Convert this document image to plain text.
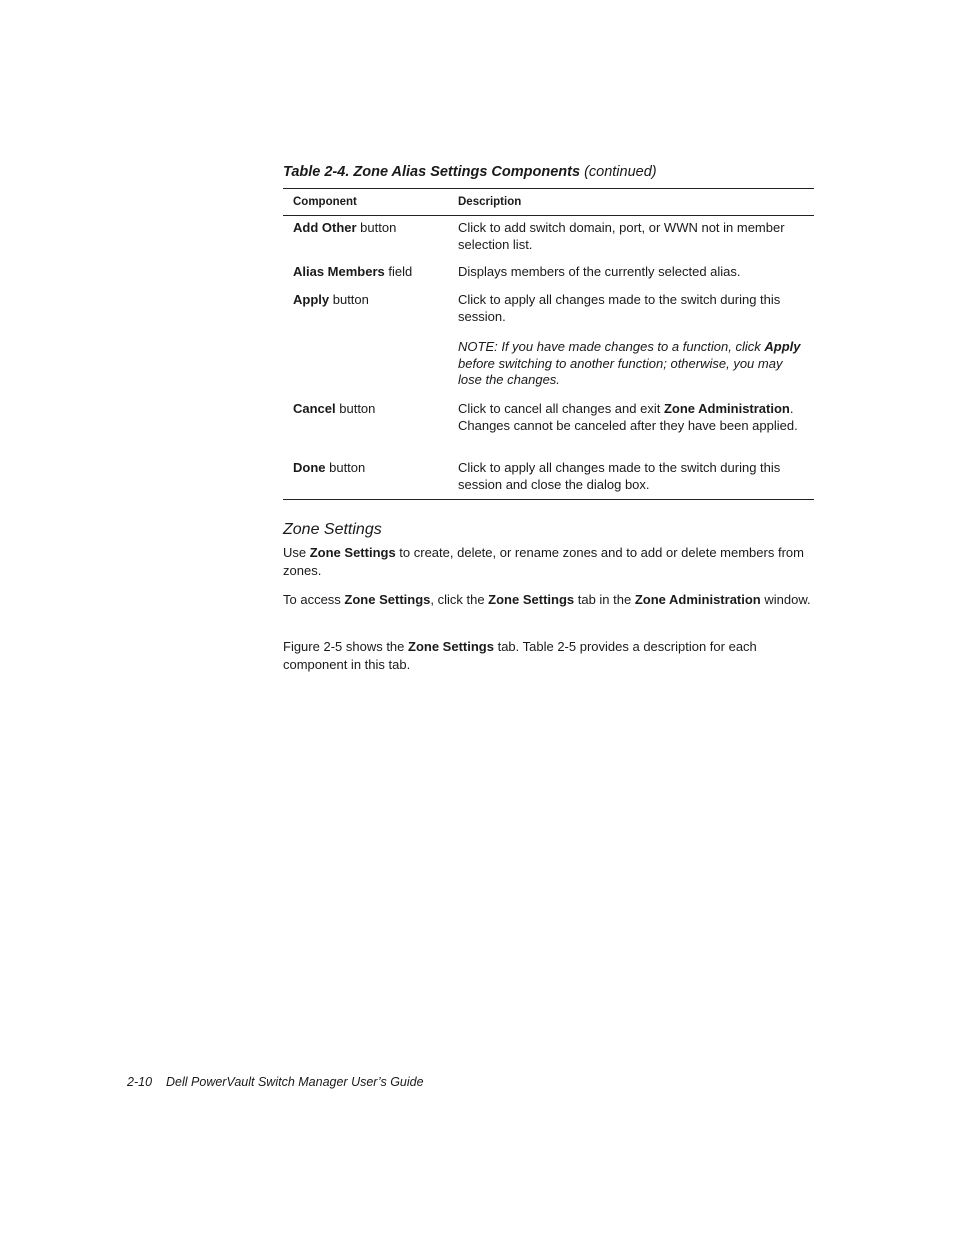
Table 2-4. Zone Alias Settings Components (continued)
Component	Description
Add Other button	Click to add switch domain, port, or WWN not in member selection list.
Alias Members field	Displays members of the currently selected alias.
Apply button	Click to apply all changes made to the switch during this session.
NOTE: If you have made changes to a function, click Apply before switching to another function; otherwise, you may lose the changes.
Cancel button	Click to cancel all changes and exit Zone Administration. Changes cannot be canceled after they have been applied.
Done button	Click to apply all changes made to the switch during this session and close the dialog box.
Zone Settings
Use Zone Settings to create, delete, or rename zones and to add or delete members from zones.
To access Zone Settings, click the Zone Settings tab in the Zone Administration window.
Figure 2-5 shows the Zone Settings tab. Table 2-5 provides a description for each component in this tab.
2-10 Dell PowerVault Switch Manager User’s Guide
